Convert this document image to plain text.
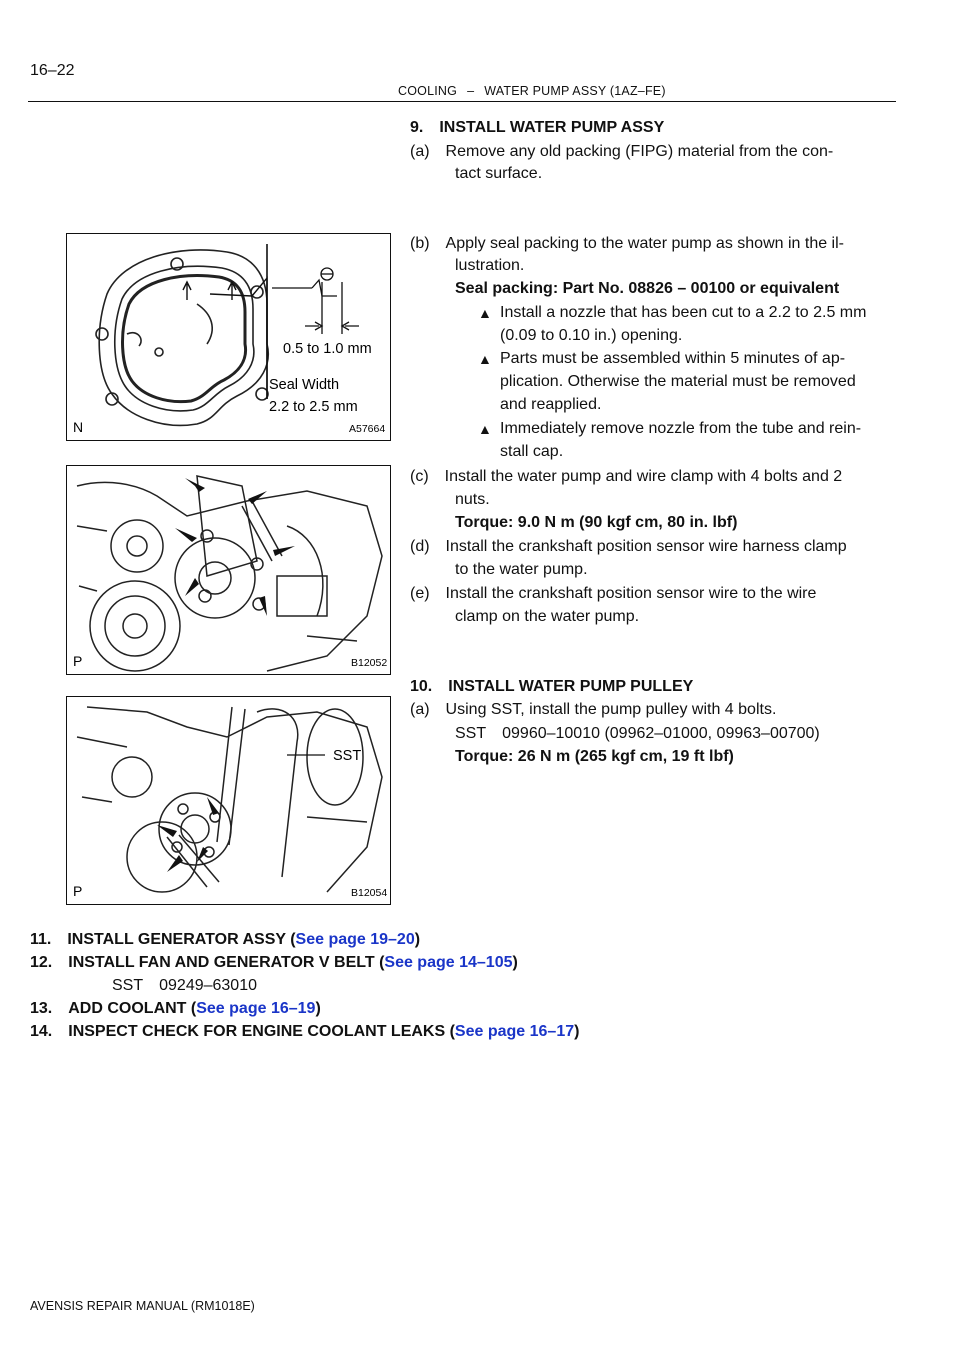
16–22
COOLING – WATER PUMP ASSY (1AZ–FE)
9. INSTALL WATER PUMP ASSY
(a) Remove any old packing (FIPG) material from the con-
tact surface.
(b) Apply seal packing to the water pump as shown in the il-
lustration.
Seal packing: Part No. 08826 – 00100 or equivalent
▲ Install a nozzle that has been cut to a 2.2 to 2.5 mm
(0.09 to 0.10 in.) opening.
▲ Parts must be assembled within 5 minutes of ap-
plication. Otherwise the material must be removed
and reapplied.
▲ Immediately remove nozzle from the tube and rein-
stall cap.
(c) Install the water pump and wire clamp with 4 bolts and 2
nuts.
Torque: 9.0 N m (90 kgf cm, 80 in. lbf)
(d) Install the crankshaft position sensor wire harness clamp
to the water pump.
(e) Install the crankshaft position sensor wire to the wire
clamp on the water pump.
10. INSTALL WATER PUMP PULLEY
(a) Using SST, install the pump pulley with 4 bolts.
SST 09960–10010 (09962–01000, 09963–00700)
Torque: 26 N m (265 kgf cm, 19 ft lbf)
11. INSTALL GENERATOR ASSY (See page 19–20)
12. INSTALL FAN AND GENERATOR V BELT (See page 14–105)
SST 09249–63010
13. ADD COOLANT (See page 16–19)
14. INSPECT CHECK FOR ENGINE COOLANT LEAKS (See page 16–17)
0.5 to 1.0 mm
Seal Width
2.2 to 2.5 mm
N	A57664
P	B12052
SST
P	B12054
AVENSIS REPAIR MANUAL (RM1018E)
